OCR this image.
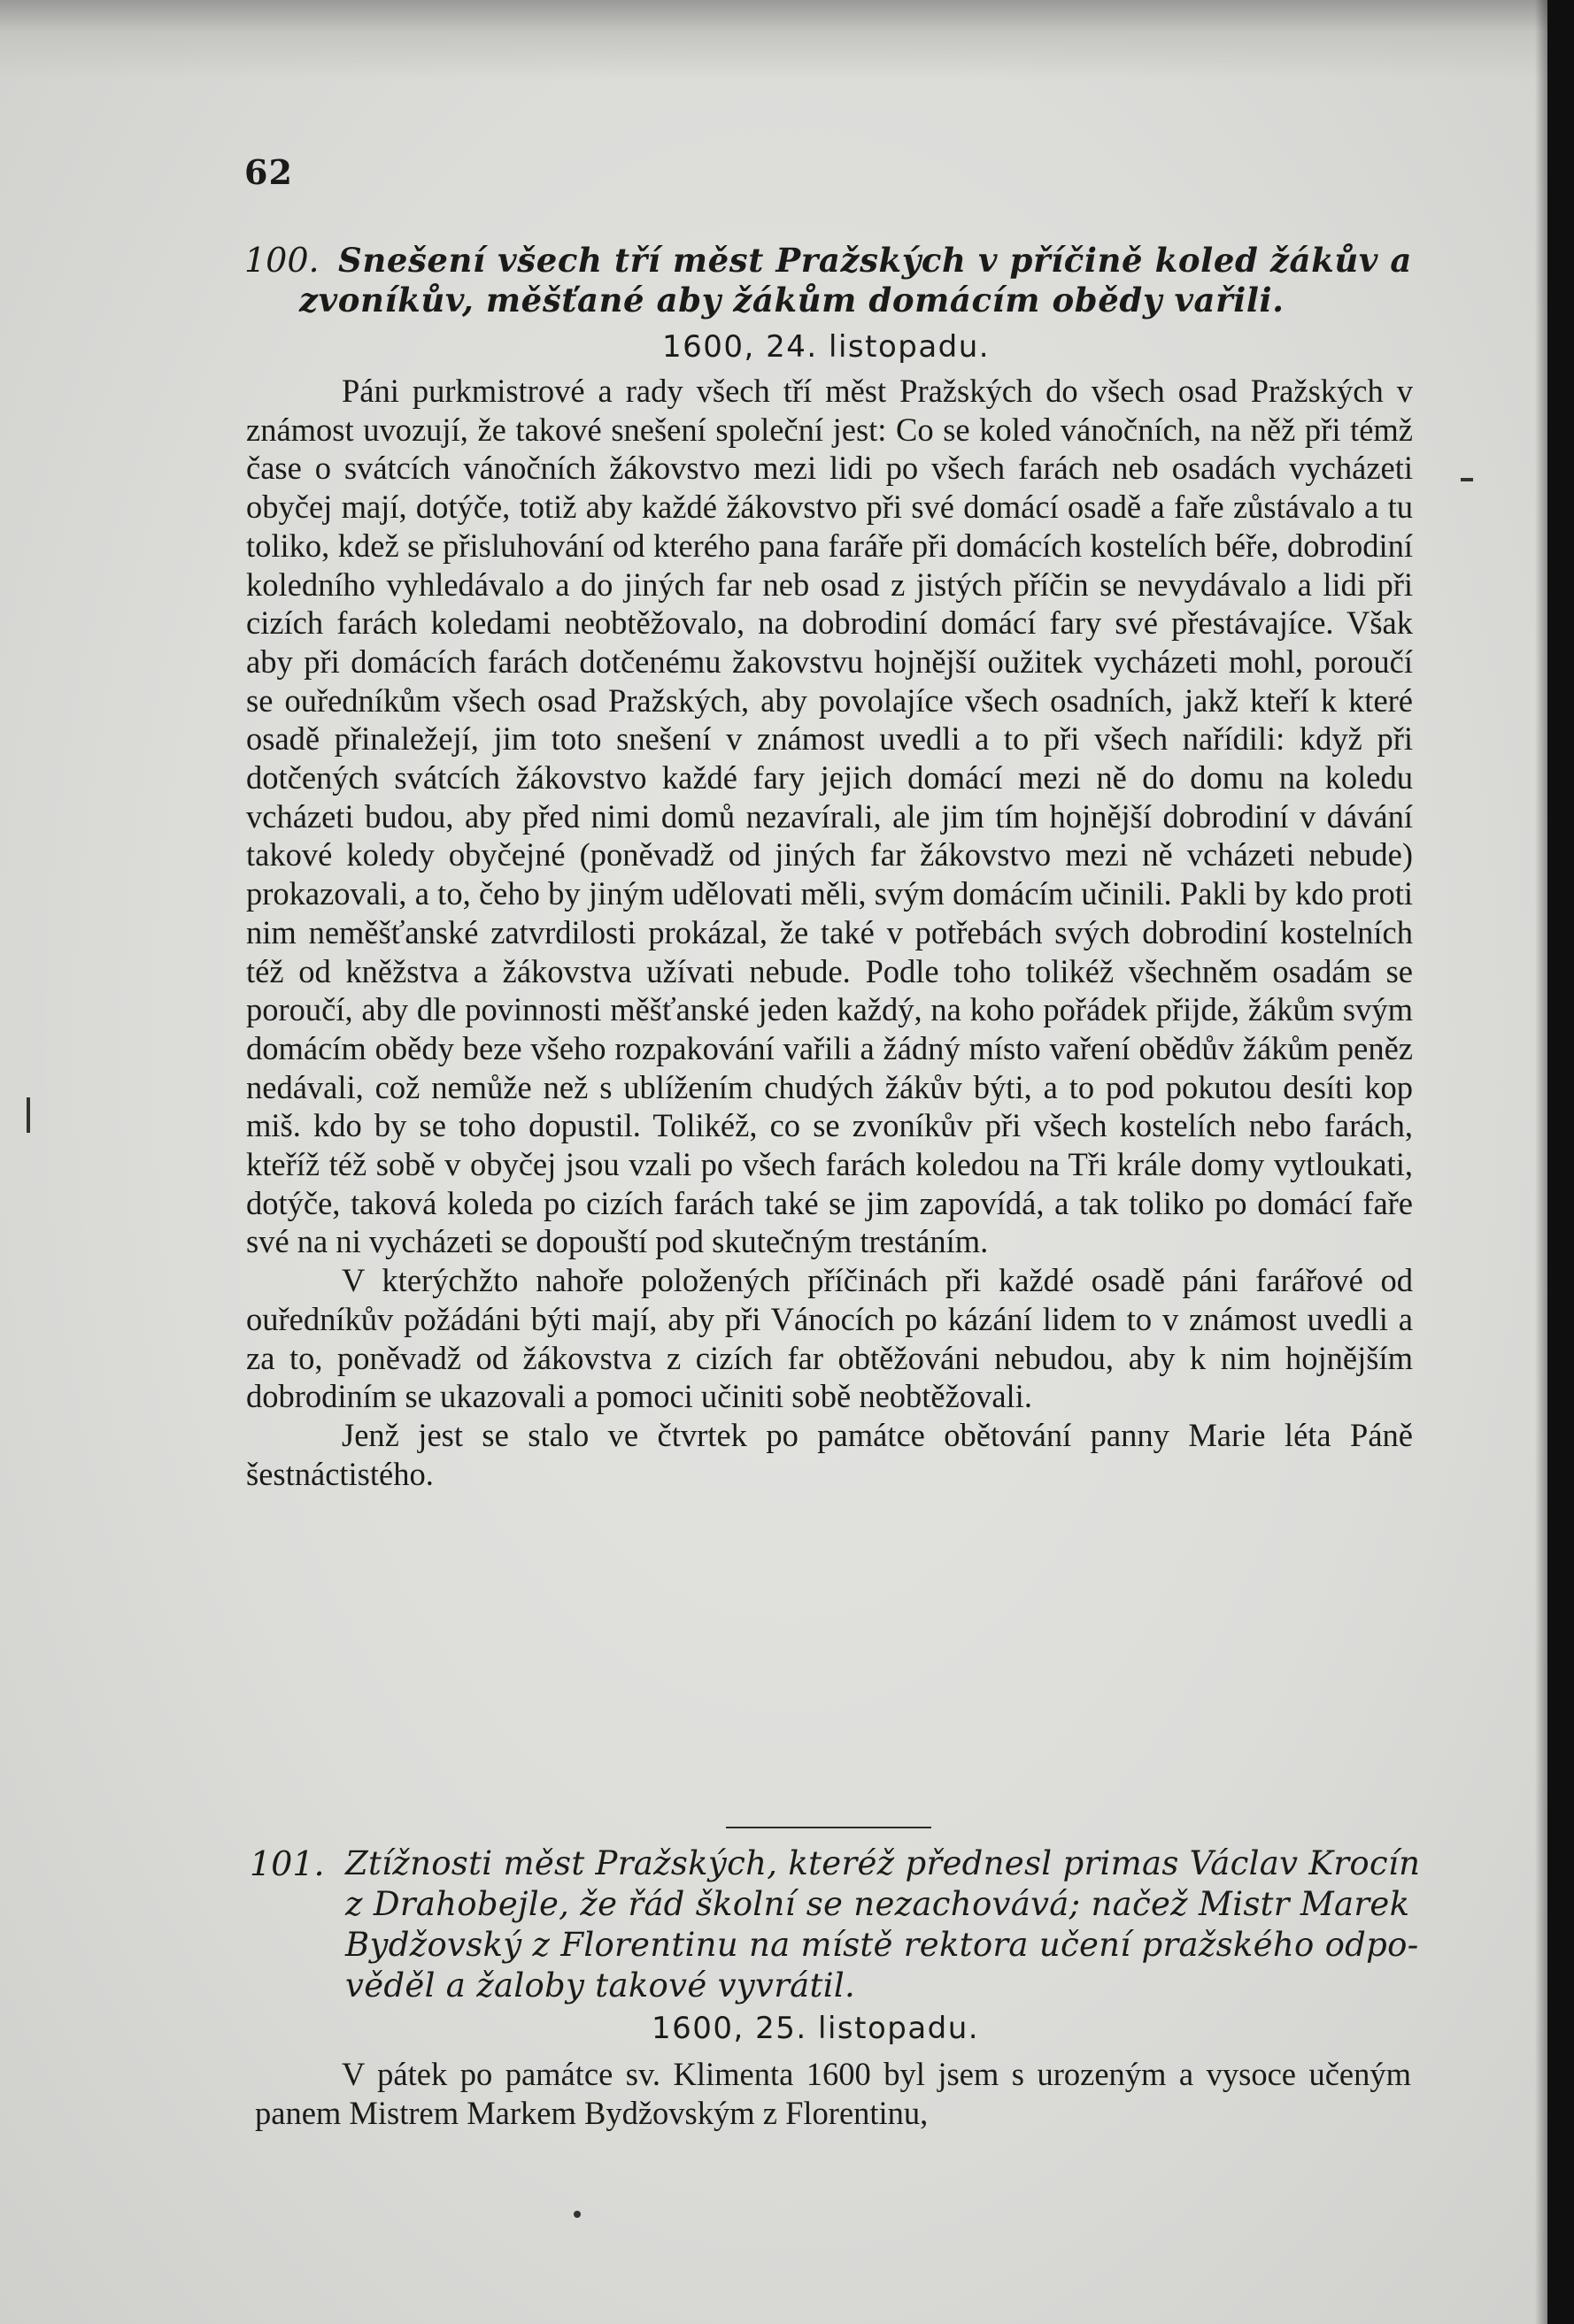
62
100. Snešení všech tří měst Pražských v příčině koled žákův a
zvoníkův, měšťané aby žákům domácím obědy vařili.
1600, 24. listopadu.

Páni purkmistrové a rady všech tří měst Pražských do všech osad Pražských v známost uvozují, že takové snešení společní jest: Co se koled vánočních, na něž při témž čase o svátcích vánočních žákovstvo mezi lidi po všech farách neb osadách vycházeti obyčej mají, dotýče, totiž aby každé žákovstvo při své domácí osadě a faře zůstávalo a tu toliko, kdež se přisluhování od kterého pana faráře při domácích kostelích béře, dobrodiní koledního vyhledávalo a do jiných far neb osad z jistých příčin se nevydávalo a lidi při cizích farách koledami neobtěžovalo, na dobrodiní domácí fary své přestávajíce. Však aby při domácích farách dotčenému žakovstvu hojnější oužitek vycházeti mohl, poroučí se ouředníkům všech osad Pražských, aby povolajíce všech osadních, jakž kteří k které osadě přinaležejí, jim toto snešení v známost uvedli a to při všech nařídili: když při dotčených svátcích žákovstvo každé fary jejich domácí mezi ně do domu na koledu vcházeti budou, aby před nimi domů nezavírali, ale jim tím hojnější dobrodiní v dávání takové koledy obyčejné (poněvadž od jiných far žákovstvo mezi ně vcházeti nebude) prokazovali, a to, čeho by jiným udělovati měli, svým domácím učinili. Pakli by kdo proti nim neměšťanské zatvrdilosti prokázal, že také v potřebách svých dobrodiní kostelních též od kněžstva a žákovstva užívati nebude. Podle toho tolikéž všechněm osadám se poroučí, aby dle povinnosti měšťanské jeden každý, na koho pořádek přijde, žákům svým domácím obědy beze všeho rozpakování vařili a žádný místo vaření obědův žákům peněz nedávali, což nemůže než s ublížením chudých žákův býti, a to pod pokutou desíti kop miš. kdo by se toho dopustil. Tolikéž, co se zvoníkův při všech kostelích nebo farách, kteříž též sobě v obyčej jsou vzali po všech farách koledou na Tři krále domy vytloukati, dotýče, taková koleda po cizích farách také se jim zapovídá, a tak toliko po domácí faře své na ni vycházeti se dopouští pod skutečným trestáním.

V kterýchžto nahoře položených příčinách při každé osadě páni farářové od ouředníkův požádáni býti mají, aby při Vánocích po kázání lidem to v známost uvedli a za to, poněvadž od žákovstva z cizích far obtěžováni nebudou, aby k nim hojnějším dobrodiním se ukazovali a pomoci učiniti sobě neobtěžovali.

Jenž jest se stalo ve čtvrtek po památce obětování panny Marie léta Páně šestnáctistého.

101. Ztížnosti měst Pražských, kteréž přednesl primas Václav Krocín
z Drahobejle, že řád školní se nezachovává; načež Mistr Marek
Bydžovský z Florentinu na místě rektora učení pražského odpo-
věděl a žaloby takové vyvrátil.
1600, 25. listopadu.

V pátek po památce sv. Klimenta 1600 byl jsem s urozeným a vysoce učeným panem Mistrem Markem Bydžovským z Florentinu,
